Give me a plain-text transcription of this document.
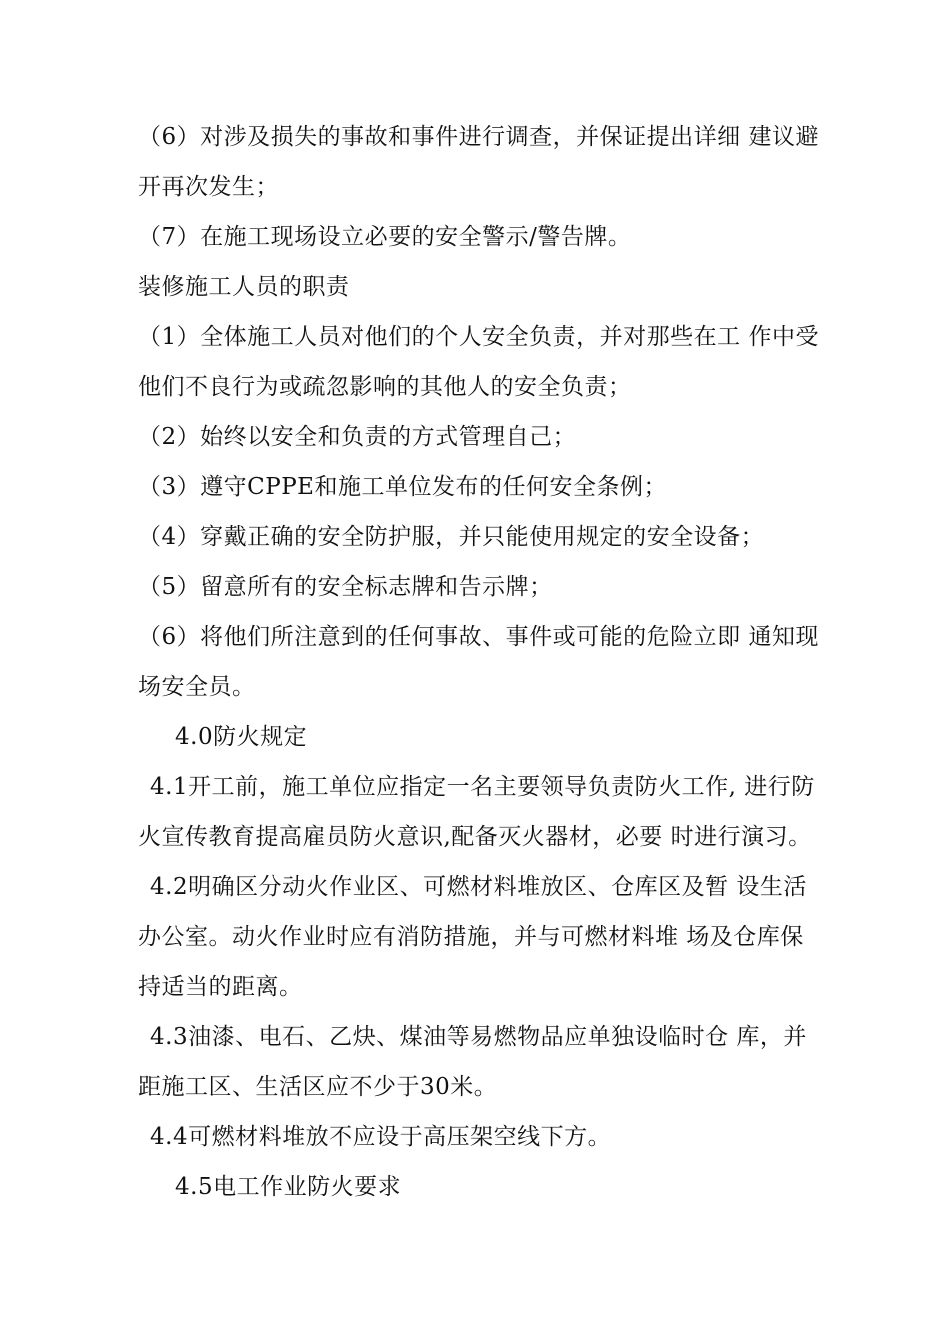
（6）对涉及损失的事故和事件进行调查，并保证提出详细 建议避
开再次发生；
（7）在施工现场设立必要的安全警示/警告牌。
装修施工人员的职责
（1）全体施工人员对他们的个人安全负责，并对那些在工 作中受
他们不良行为或疏忽影响的其他人的安全负责；
（2）始终以安全和负责的方式管理自己；
（3）遵守CPPE和施工单位发布的任何安全条例；
（4）穿戴正确的安全防护服，并只能使用规定的安全设备；
（5）留意所有的安全标志牌和告示牌；
（6）将他们所注意到的任何事故、事件或可能的危险立即 通知现
场安全员。
4.0防火规定
4.1开工前，施工单位应指定一名主要领导负责防火工作, 进行防
火宣传教育提高雇员防火意识,配备灭火器材，必要 时进行演习。
4.2明确区分动火作业区、可燃材料堆放区、仓库区及暂 设生活
办公室。动火作业时应有消防措施，并与可燃材料堆 场及仓库保
持适当的距离。
4.3油漆、电石、乙炔、煤油等易燃物品应单独设临时仓 库，并
距施工区、生活区应不少于30米。
4.4可燃材料堆放不应设于高压架空线下方。
4.5电工作业防火要求
